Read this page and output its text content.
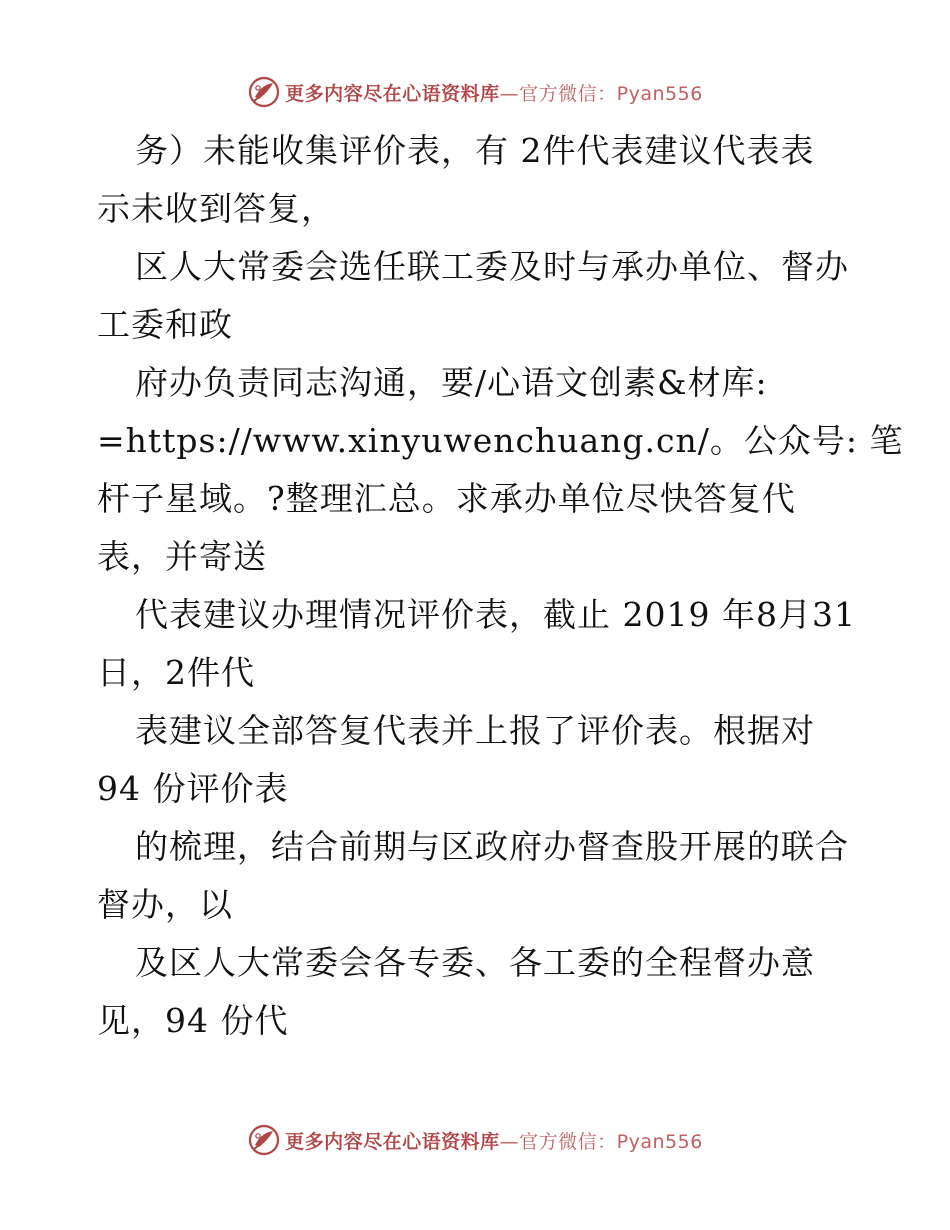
更多内容尽在心语资料库—官方微信：Pyan556
务）未能收集评价表，有 2件代表建议代表表
示未收到答复，
区人大常委会选任联工委及时与承办单位、督办
工委和政
府办负责同志沟通，要/心语文创素&材库:
=https://www.xinyuwenchuang.cn/。公众号: 笔
杆子星域。?整理汇总。求承办单位尽快答复代
表，并寄送
代表建议办理情况评价表，截止 2019 年8月31
日，2件代
表建议全部答复代表并上报了评价表。根据对
94 份评价表
的梳理，结合前期与区政府办督查股开展的联合
督办，以
及区人大常委会各专委、各工委的全程督办意
见，94 份代
更多内容尽在心语资料库—官方微信：Pyan556
